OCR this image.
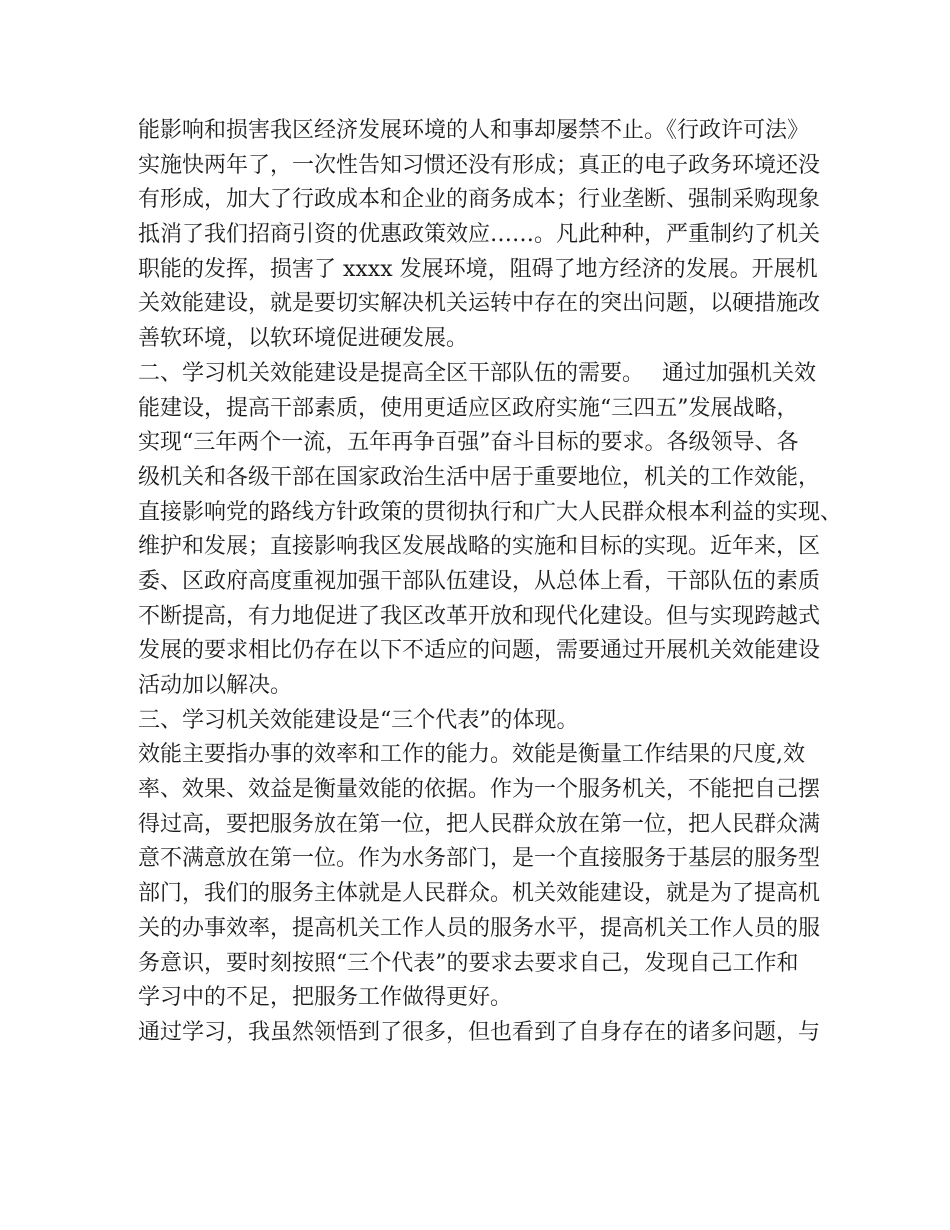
能影响和损害我区经济发展环境的人和事却屡禁不止。《行政许可法》
实施快两年了，一次性告知习惯还没有形成；真正的电子政务环境还没
有形成，加大了行政成本和企业的商务成本；行业垄断、强制采购现象
抵消了我们招商引资的优惠政策效应……。凡此种种，严重制约了机关
职能的发挥，损害了 xxxx 发展环境，阻碍了地方经济的发展。开展机
关效能建设，就是要切实解决机关运转中存在的突出问题，以硬措施改
善软环境，以软环境促进硬发展。
二、学习机关效能建设是提高全区干部队伍的需要。　 通过加强机关效
能建设，提高干部素质，使用更适应区政府实施“三四五”发展战略，
实现“三年两个一流，五年再争百强”奋斗目标的要求。各级领导、各
级机关和各级干部在国家政治生活中居于重要地位，机关的工作效能，
直接影响党的路线方针政策的贯彻执行和广大人民群众根本利益的实现、
维护和发展；直接影响我区发展战略的实施和目标的实现。近年来，区
委、区政府高度重视加强干部队伍建设，从总体上看，干部队伍的素质
不断提高，有力地促进了我区改革开放和现代化建设。但与实现跨越式
发展的要求相比仍存在以下不适应的问题，需要通过开展机关效能建设
活动加以解决。
三、学习机关效能建设是“三个代表”的体现。
效能主要指办事的效率和工作的能力。效能是衡量工作结果的尺度,效
率、效果、效益是衡量效能的依据。作为一个服务机关，不能把自己摆
得过高，要把服务放在第一位，把人民群众放在第一位，把人民群众满
意不满意放在第一位。作为水务部门，是一个直接服务于基层的服务型
部门，我们的服务主体就是人民群众。机关效能建设，就是为了提高机
关的办事效率，提高机关工作人员的服务水平，提高机关工作人员的服
务意识，要时刻按照“三个代表”的要求去要求自己，发现自己工作和
学习中的不足，把服务工作做得更好。
通过学习，我虽然领悟到了很多，但也看到了自身存在的诸多问题，与
